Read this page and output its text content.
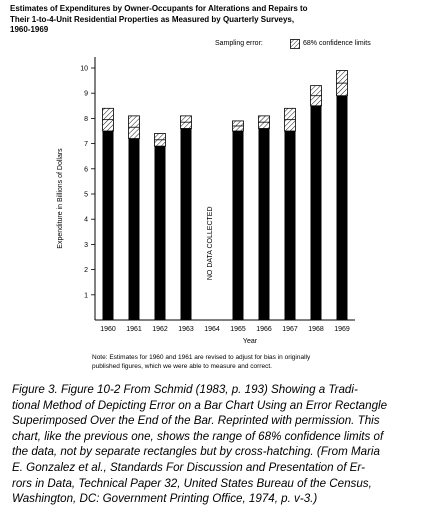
Estimates of Expenditures by Owner-Occupants for Alterations and Repairs to
Their 1-to-4-Unit Residential Properties as Measured by Quarterly Surveys,
1960-1969
Sampling error:	68% confidence limits
Expenditure in Billions of Dollars
Year
1960 1961 1962 1963 1964 1965 1966 1967 1968 1969
1
2
3
4
5
6
7
8
9
10
NO DATA COLLECTED
Note: Estimates for 1960 and 1961 are revised to adjust for bias in originally
published figures, which we were able to measure and correct.
Figure 3. Figure 10-2 From Schmid (1983, p. 193) Showing a Tradi-
tional Method of Depicting Error on a Bar Chart Using an Error Rectangle
Superimposed Over the End of the Bar. Reprinted with permission. This
chart, like the previous one, shows the range of 68% confidence limits of
the data, not by separate rectangles but by cross-hatching. (From Maria
E. Gonzalez et al., Standards For Discussion and Presentation of Er-
rors in Data, Technical Paper 32, United States Bureau of the Census,
Washington, DC: Government Printing Office, 1974, p. v-3.)
